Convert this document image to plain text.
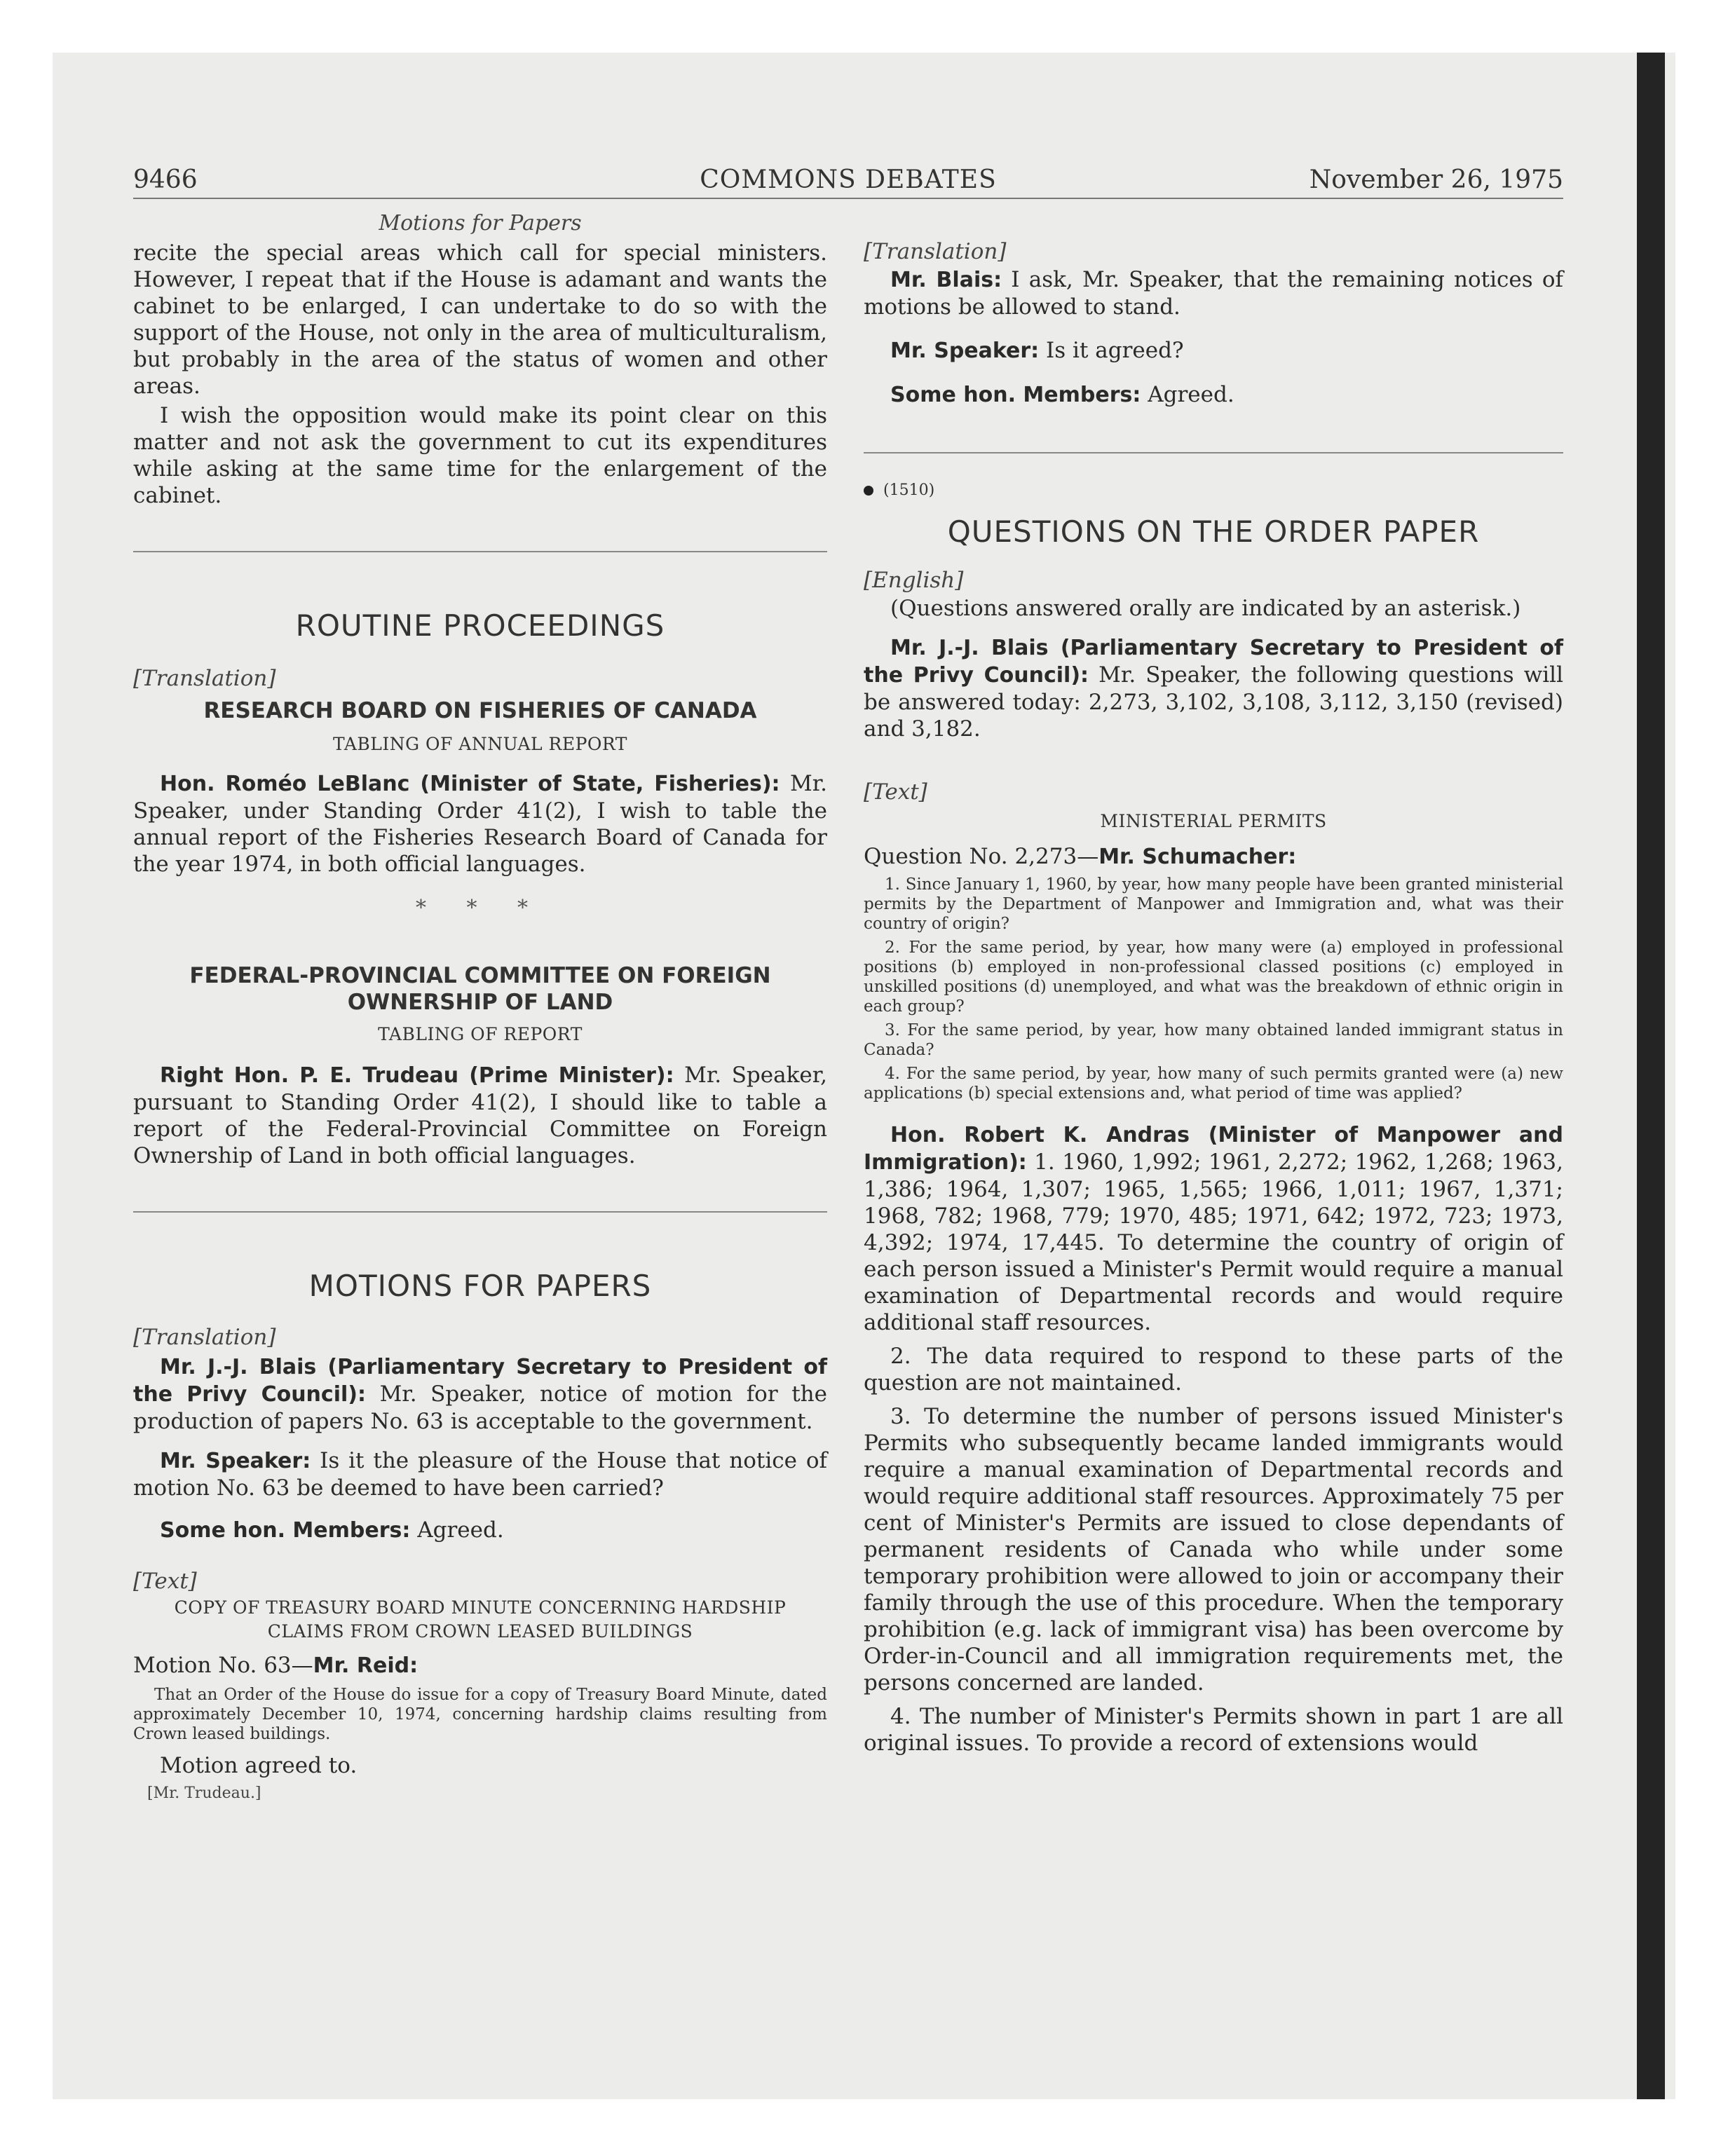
9466	COMMONS DEBATES	November 26, 1975
Motions for Papers

recite the special areas which call for special ministers. However, I repeat that if the House is adamant and wants the cabinet to be enlarged, I can undertake to do so with the support of the House, not only in the area of multiculturalism, but probably in the area of the status of women and other areas.

I wish the opposition would make its point clear on this matter and not ask the government to cut its expenditures while asking at the same time for the enlargement of the cabinet.

ROUTINE PROCEEDINGS
[Translation]
RESEARCH BOARD ON FISHERIES OF CANADA
TABLING OF ANNUAL REPORT

Hon. Roméo LeBlanc (Minister of State, Fisheries): Mr. Speaker, under Standing Order 41(2), I wish to table the annual report of the Fisheries Research Board of Canada for the year 1974, in both official languages.

* * *
FEDERAL-PROVINCIAL COMMITTEE ON FOREIGN OWNERSHIP OF LAND
TABLING OF REPORT

Right Hon. P. E. Trudeau (Prime Minister): Mr. Speaker, pursuant to Standing Order 41(2), I should like to table a report of the Federal-Provincial Committee on Foreign Ownership of Land in both official languages.

MOTIONS FOR PAPERS
[Translation]

Mr. J.-J. Blais (Parliamentary Secretary to President of the Privy Council): Mr. Speaker, notice of motion for the production of papers No. 63 is acceptable to the government.

Mr. Speaker: Is it the pleasure of the House that notice of motion No. 63 be deemed to have been carried?

Some hon. Members: Agreed.

[Text]
COPY OF TREASURY BOARD MINUTE CONCERNING HARDSHIP CLAIMS FROM CROWN LEASED BUILDINGS

Motion No. 63—Mr. Reid:

That an Order of the House do issue for a copy of Treasury Board Minute, dated approximately December 10, 1974, concerning hardship claims resulting from Crown leased buildings.

Motion agreed to.

[Mr. Trudeau.]

[Translation]

Mr. Blais: I ask, Mr. Speaker, that the remaining notices of motions be allowed to stand.

Mr. Speaker: Is it agreed?

Some hon. Members: Agreed.

(1510)
QUESTIONS ON THE ORDER PAPER
[English]

(Questions answered orally are indicated by an asterisk.)

Mr. J.-J. Blais (Parliamentary Secretary to President of the Privy Council): Mr. Speaker, the following questions will be answered today: 2,273, 3,102, 3,108, 3,112, 3,150 (revised) and 3,182.

[Text]
MINISTERIAL PERMITS

Question No. 2,273—Mr. Schumacher:

1. Since January 1, 1960, by year, how many people have been granted ministerial permits by the Department of Manpower and Immigration and, what was their country of origin?

2. For the same period, by year, how many were (a) employed in professional positions (b) employed in non-professional classed positions (c) employed in unskilled positions (d) unemployed, and what was the breakdown of ethnic origin in each group?

3. For the same period, by year, how many obtained landed immigrant status in Canada?

4. For the same period, by year, how many of such permits granted were (a) new applications (b) special extensions and, what period of time was applied?

Hon. Robert K. Andras (Minister of Manpower and Immigration): 1. 1960, 1,992; 1961, 2,272; 1962, 1,268; 1963, 1,386; 1964, 1,307; 1965, 1,565; 1966, 1,011; 1967, 1,371; 1968, 782; 1968, 779; 1970, 485; 1971, 642; 1972, 723; 1973, 4,392; 1974, 17,445. To determine the country of origin of each person issued a Minister's Permit would require a manual examination of Departmental records and would require additional staff resources.

2. The data required to respond to these parts of the question are not maintained.

3. To determine the number of persons issued Minister's Permits who subsequently became landed immigrants would require a manual examination of Departmental records and would require additional staff resources. Approximately 75 per cent of Minister's Permits are issued to close dependants of permanent residents of Canada who while under some temporary prohibition were allowed to join or accompany their family through the use of this procedure. When the temporary prohibition (e.g. lack of immigrant visa) has been overcome by Order-in-Council and all immigration requirements met, the persons concerned are landed.

4. The number of Minister's Permits shown in part 1 are all original issues. To provide a record of extensions would
